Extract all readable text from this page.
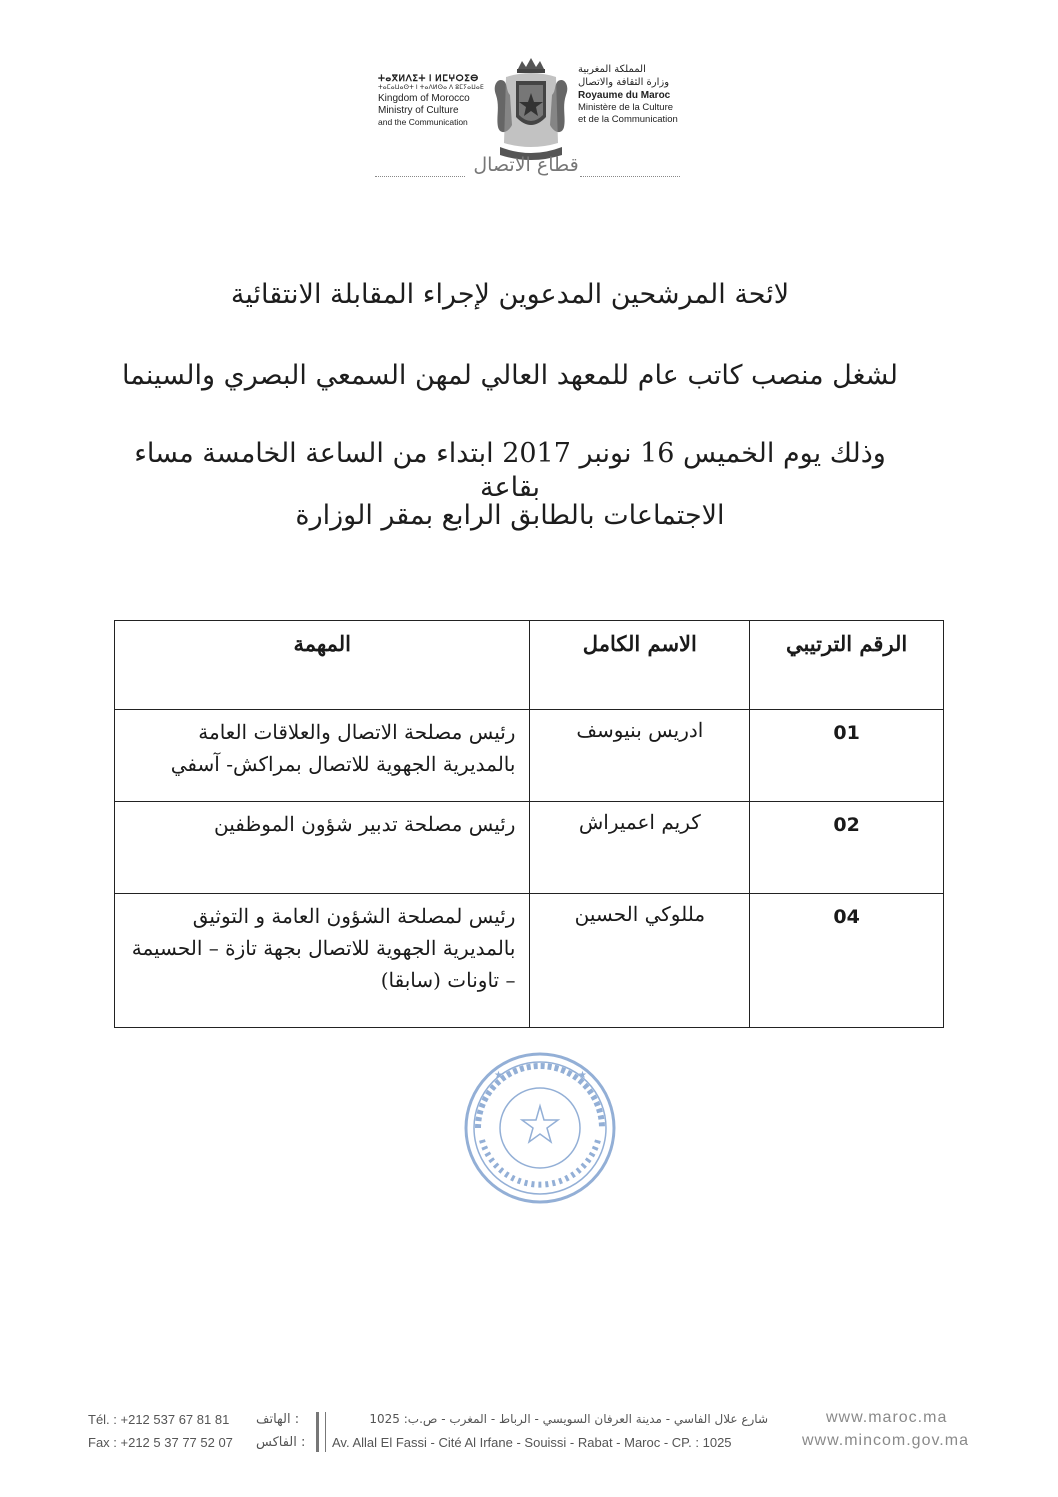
ⵜⴰⴳⵍⴷⵉⵜ ⵏ ⵍⵎⵖⵔⵉⴱ
ⵜⴰⵎⴰⵡⴰⵙⵜ ⵏ ⵜⴰⴷⵍⵙⴰ ⴷ ⵓⵎⵢⴰⵡⴰⴹ
Kingdom of Morocco
Ministry of Culture
and the Communication
المملكة المغربية
وزارة الثقافة والاتصال
Royaume du Maroc
Ministère de la Culture
et de la Communication
قطاع الاتصال
لائحة المرشحين المدعوين لإجراء المقابلة الانتقائية
لشغل منصب كاتب عام للمعهد العالي لمهن السمعي البصري والسينما
وذلك يوم الخميس 16 نونبر 2017 ابتداء من الساعة الخامسة مساء بقاعة
الاجتماعات بالطابق الرابع بمقر الوزارة
الرقم الترتيبي	الاسم الكامل	المهمة
01	ادريس بنيوسف	رئيس مصلحة الاتصال والعلاقات العامة بالمديرية الجهوية للاتصال بمراكش- آسفي
02	كريم اعميراش	رئيس مصلحة تدبير شؤون الموظفين
04	مللوكي الحسين	رئيس لمصلحة الشؤون العامة و التوثيق بالمديرية الجهوية للاتصال بجهة تازة – الحسيمة – تاونات (سابقا)
★	★
Tél. : +212 537 67 81 81 : الهاتف
Fax : +212 5 37 77 52 07 : الفاكس
شارع علال الفاسي - مدينة العرفان السويسي - الرباط - المغرب - ص.ب: 1025
Av. Allal El Fassi - Cité Al Irfane - Souissi - Rabat - Maroc - CP. : 1025
www.maroc.ma
www.mincom.gov.ma
